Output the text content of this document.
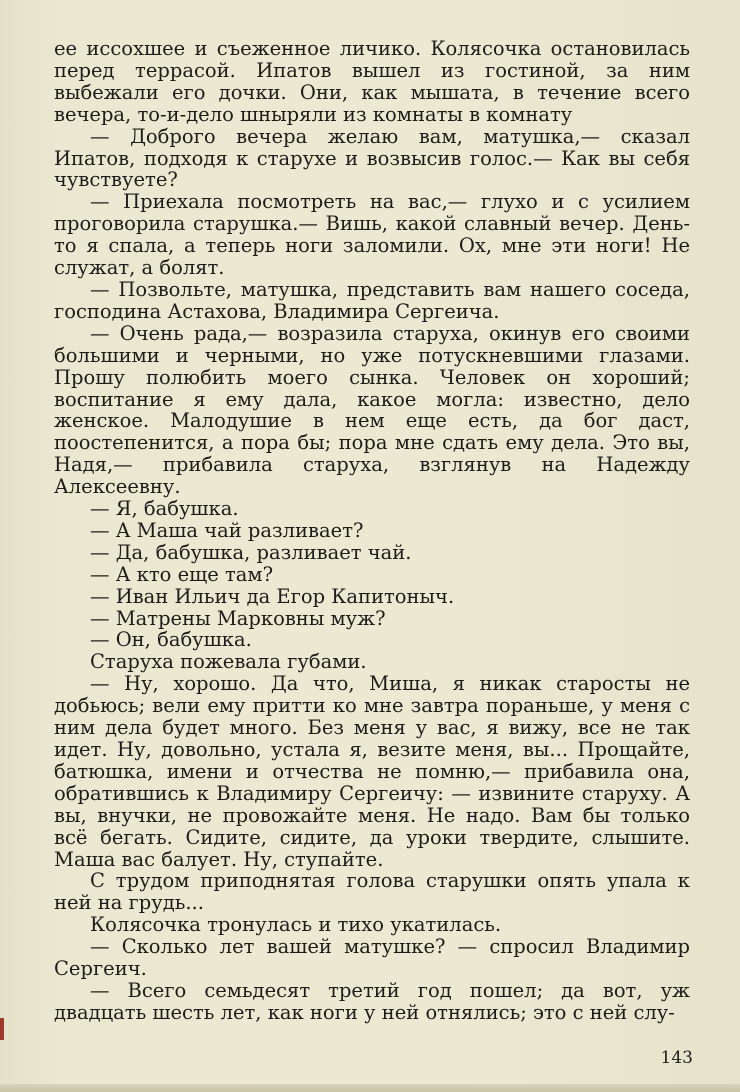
ее иссохшее и съеженное личико. Колясочка остановилась перед террасой. Ипатов вышел из гостиной, за ним выбежали его дочки. Они, как мышата, в течение всего вечера, то-и-дело шныряли из комнаты в комнату

— Доброго вечера желаю вам, матушка,— сказал Ипатов, подходя к старухе и возвысив голос.— Как вы себя чувствуете?

— Приехала посмотреть на вас,— глухо и с усилием проговорила старушка.— Вишь, какой славный вечер. День-то я спала, а теперь ноги заломили. Ох, мне эти ноги! Не служат, а болят.

— Позвольте, матушка, представить вам нашего соседа, господина Астахова, Владимира Сергеича.

— Очень рада,— возразила старуха, окинув его своими большими и черными, но уже потускневшими глазами. Прошу полюбить моего сынка. Человек он хороший; воспитание я ему дала, какое могла: известно, дело женское. Малодушие в нем еще есть, да бог даст, поостепенится, а пора бы; пора мне сдать ему дела. Это вы, Надя,— прибавила старуха, взглянув на Надежду Алексеевну.

— Я, бабушка.

— А Маша чай разливает?

— Да, бабушка, разливает чай.

— А кто еще там?

— Иван Ильич да Егор Капитоныч.

— Матрены Марковны муж?

— Он, бабушка.

Старуха пожевала губами.

— Ну, хорошо. Да что, Миша, я никак старосты не добьюсь; вели ему притти ко мне завтра пораньше, у меня с ним дела будет много. Без меня у вас, я вижу, все не так идет. Ну, довольно, устала я, везите меня, вы... Прощайте, батюшка, имени и отчества не помню,— прибавила она, обратившись к Владимиру Сергеичу: — извините старуху. А вы, внучки, не провожайте меня. Не надо. Вам бы только всё бегать. Сидите, сидите, да уроки твердите, слышите. Маша вас балует. Ну, ступайте.

С трудом приподнятая голова старушки опять упала к ней на грудь...

Колясочка тронулась и тихо укатилась.

— Сколько лет вашей матушке? — спросил Владимир Сергеич.

— Всего семьдесят третий год пошел; да вот, уж двадцать шесть лет, как ноги у ней отнялись; это с ней слу-

143
